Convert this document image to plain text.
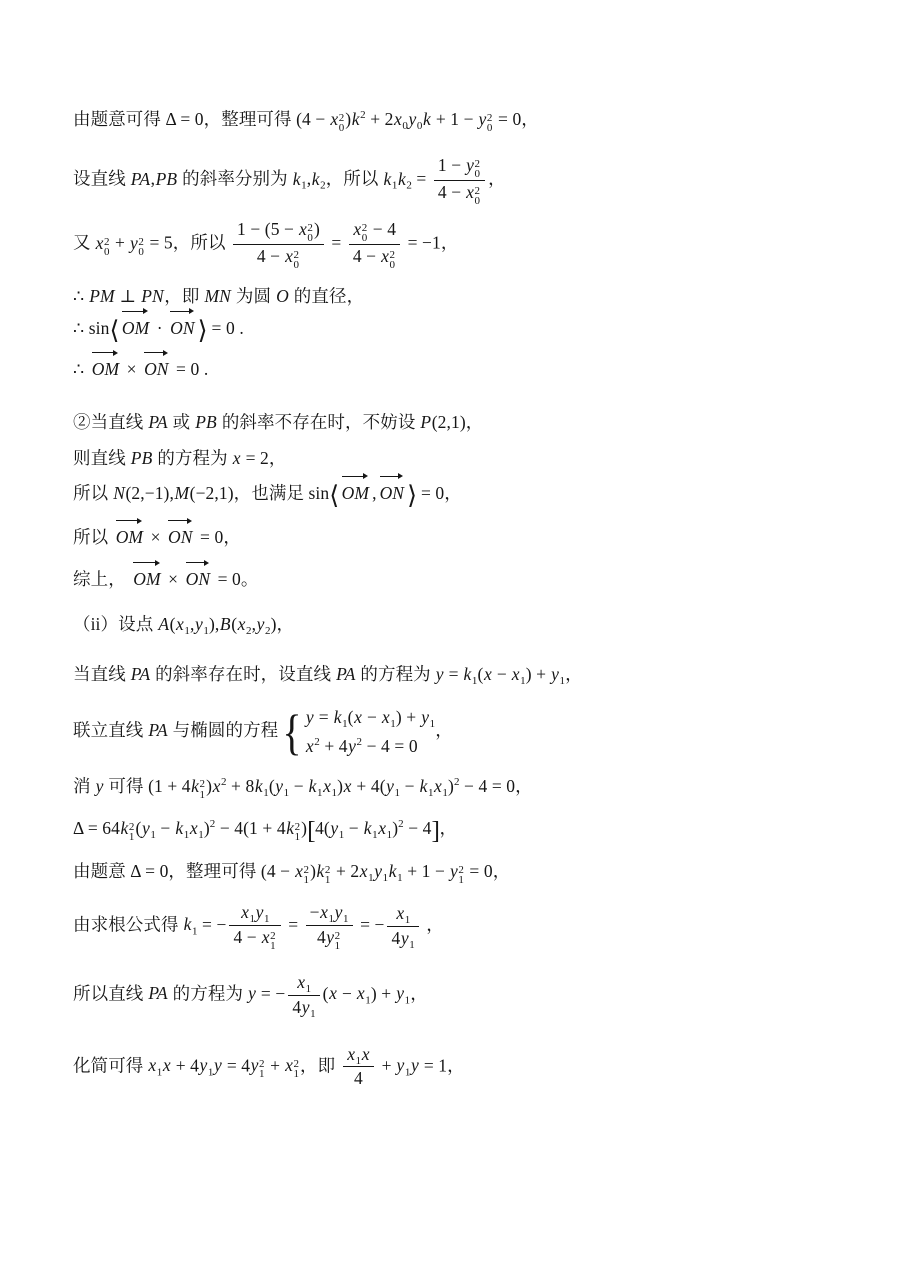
由题意可得 Δ = 0，整理可得 (4 − x 2
0 )$k^2 + 2x_0y_0k + 1 - y$ 2
0 = 0，
设直线 PA,PB 的斜率分别为 $k_1,k_2$，所以 $k_1k_2 = 1 - y$ 2
0
4 − x 2
0 ，
又 x 2
0 + y 2
0 = 5，所以 1 − (5 − x 2
0 )
4 − x 2
0 = x 2
0 − 4
4 − x 2
0 = −1，
∴ PM ⊥ PN，即 MN 为圆 O 的直径，
∴ sin⟨ OM ·
ON ⟩ = 0 .
∴
OM ×
ON = 0 .
②当直线 PA 或 PB 的斜率不存在时，不妨设 P(2,1)，
则直线 PB 的方程为 x = 2，
所以 N(2,−1),M(−2,1)，也满足 sin⟨ OM , ON ⟩ = 0，
所以
OM ×
ON = 0，
综上，
OM ×
ON = 0。
（ii）设点 $A(x_1,y_1),B(x_2,y_2)$，
当直线 PA 的斜率存在时，设直线 PA 的方程为 $y = k_1(x - x_1) + y_1$，
联立直线 PA 与椭圆的方程 { $y = k_1(x - x_1) + y_1$
$x^2 + 4y^2 - 4 = 0$
，
消 y 可得 (1 + 4k 2
1 )$x^2 + 8k_1(y_1 - k_1x_1)x + 4(y_1 - k_1x_1)^2 - 4 = 0$，
Δ = 64k 2
1 $(y_1 - k_1x_1)^2 - 4(1 + 4k$ 2
1 )$[4(y_1 - k_1x_1)^2 - 4]$，
由题意 Δ = 0，整理可得 (4 − x 2
1 )k 2
$1 + 2x_1y_1k_1 + 1 - y$ 2
1 = 0，
由求根公式得 $k_1$ = − $x_1y_1$
4 − x 2
$1 = -x_1y_1$
4y 2
1 = − $\frac{x_1}{4y_1}$ ，
所以直线 PA 的方程为 y = − $\frac{x_1}{4y_1} (x - x_1) + y_1$，
化简可得 $x_1x + 4y_1y = 4y$ 2
1 + x 2
1 ，即 $\frac{x_1x}{4} + y_1y = 1$，
